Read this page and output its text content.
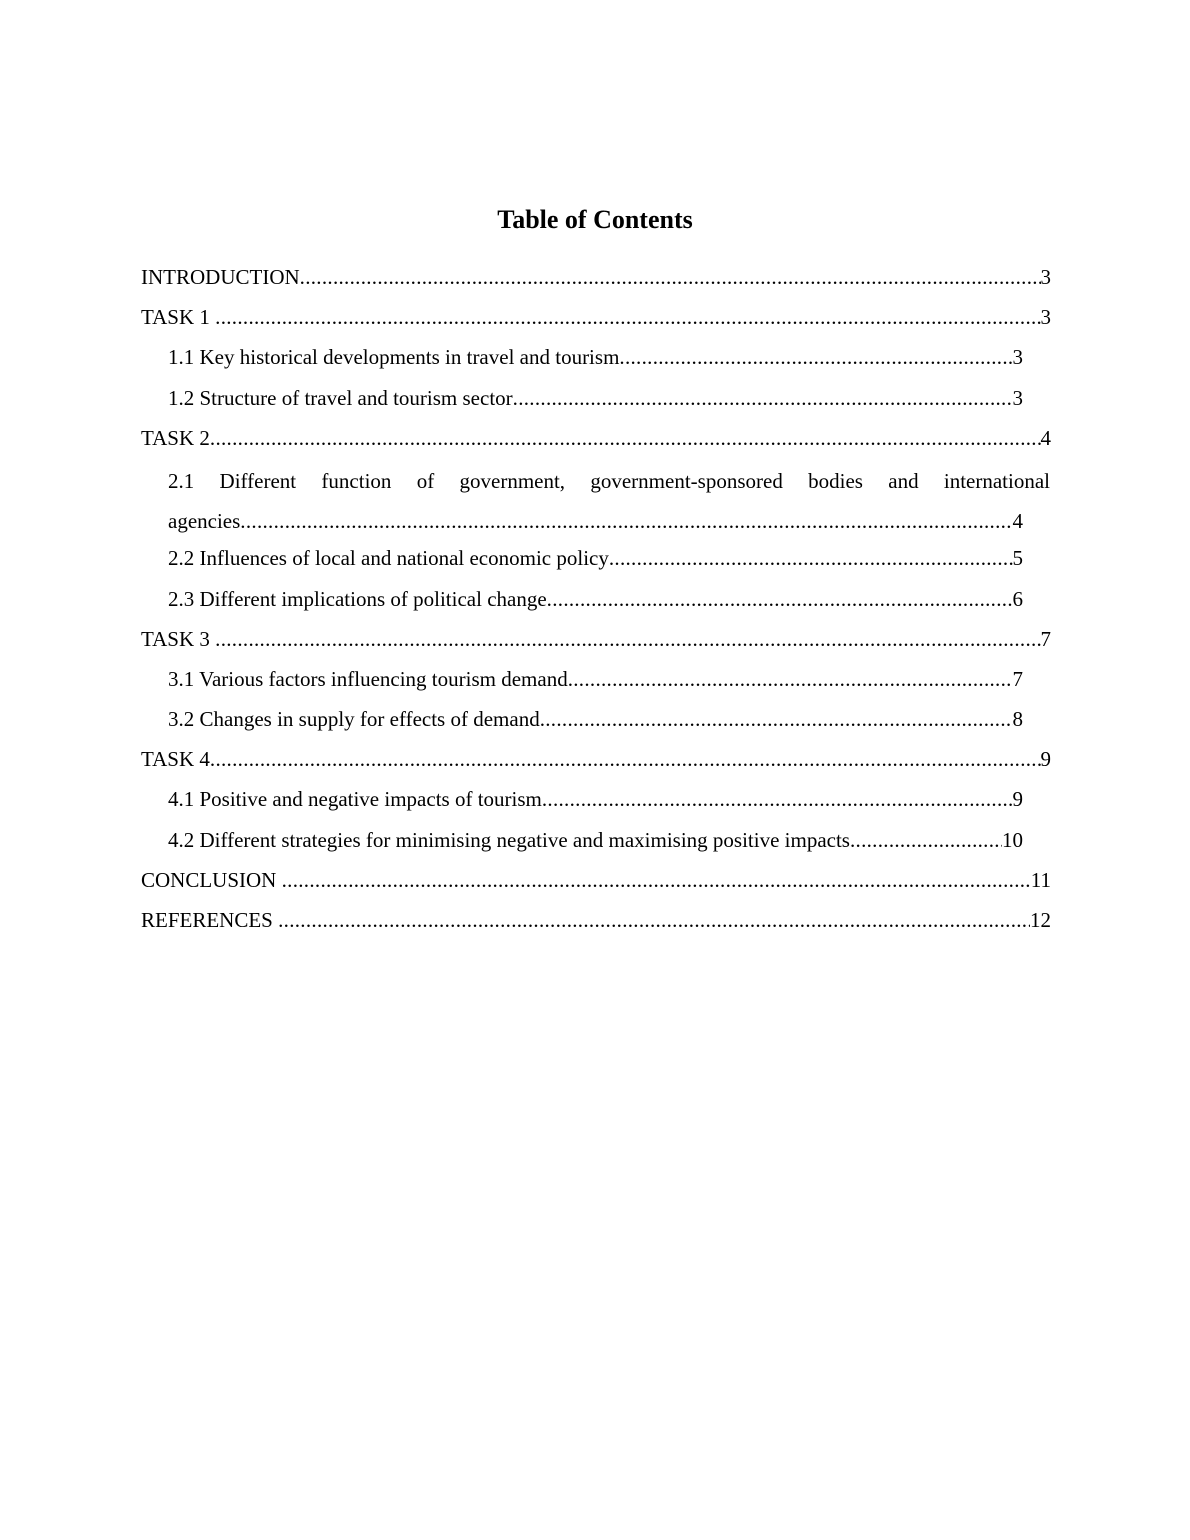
Table of Contents
INTRODUCTION .....	3
TASK 1 .....	3
1.1 Key historical developments in travel and tourism .....	3
1.2 Structure of travel and tourism sector .....	3
TASK 2 .....	4
2.1 Different function of government, government-sponsored bodies and international
agencies .....	4
2.2 Influences of local and national economic policy .....	5
2.3 Different implications of political change .....	6
TASK 3 .....	7
3.1 Various factors influencing tourism demand .....	7
3.2 Changes in supply for effects of demand .....	8
TASK 4 .....	9
4.1 Positive and negative impacts of tourism .....	9
4.2 Different strategies for minimising negative and maximising positive impacts .....	10
CONCLUSION .....	11
REFERENCES .....	12
